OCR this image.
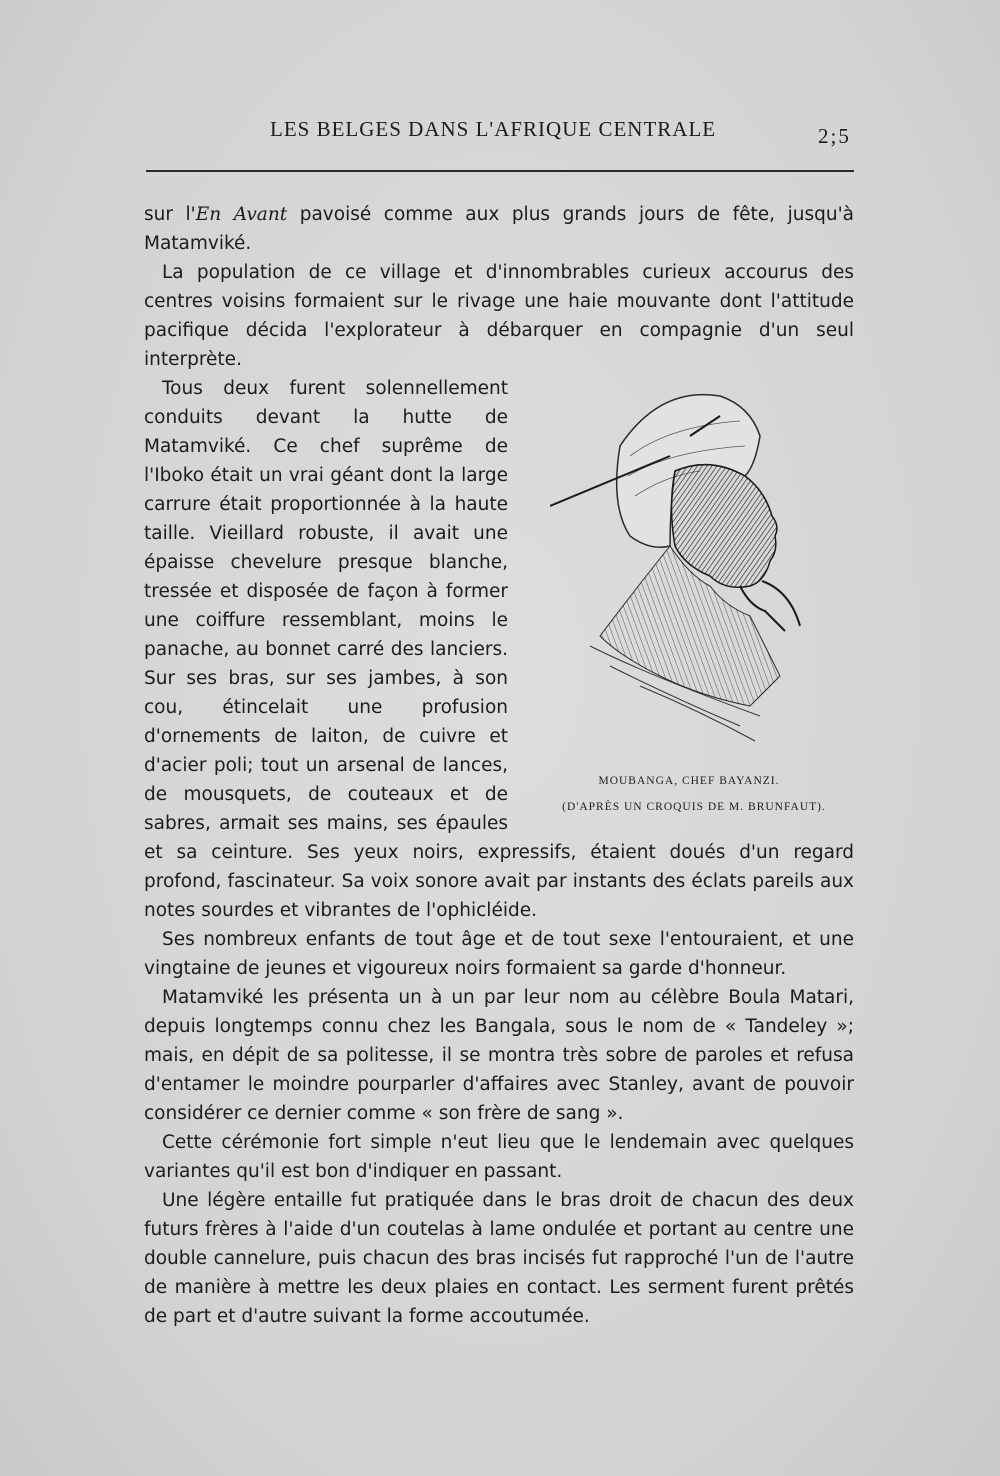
LES BELGES DANS L'AFRIQUE CENTRALE	2;5

sur l'En Avant pavoisé comme aux plus grands jours de fête, jusqu'à Matamviké.

La population de ce village et d'innombrables curieux accourus des centres voisins formaient sur le rivage une haie mouvante dont l'attitude pacifique décida l'explorateur à débarquer en compagnie d'un seul interprète.

MOUBANGA, CHEF BAYANZI.
(D'APRÈS UN CROQUIS DE M. BRUNFAUT).
Tous deux furent solennellement conduits devant la hutte de Matamviké. Ce chef suprême de l'Iboko était un vrai géant dont la large carrure était proportionnée à la haute taille. Vieillard robuste, il avait une épaisse chevelure presque blanche, tressée et disposée de façon à former une coiffure ressemblant, moins le panache, au bonnet carré des lanciers. Sur ses bras, sur ses jambes, à son cou, étincelait une profusion d'ornements de laiton, de cuivre et d'acier poli; tout un arsenal de lances, de mousquets, de couteaux et de sabres, armait ses mains, ses épaules et sa ceinture. Ses yeux noirs, expressifs, étaient doués d'un regard profond, fascinateur. Sa voix sonore avait par instants des éclats pareils aux notes sourdes et vibrantes de l'ophicléide.

Ses nombreux enfants de tout âge et de tout sexe l'entouraient, et une vingtaine de jeunes et vigoureux noirs formaient sa garde d'honneur.

Matamviké les présenta un à un par leur nom au célèbre Boula Matari, depuis longtemps connu chez les Bangala, sous le nom de « Tandeley »; mais, en dépit de sa politesse, il se montra très sobre de paroles et refusa d'entamer le moindre pourparler d'affaires avec Stanley, avant de pouvoir considérer ce dernier comme « son frère de sang ».

Cette cérémonie fort simple n'eut lieu que le lendemain avec quelques variantes qu'il est bon d'indiquer en passant.

Une légère entaille fut pratiquée dans le bras droit de chacun des deux futurs frères à l'aide d'un coutelas à lame ondulée et portant au centre une double cannelure, puis chacun des bras incisés fut rapproché l'un de l'autre de manière à mettre les deux plaies en contact. Les serment furent prêtés de part et d'autre suivant la forme accoutumée.
